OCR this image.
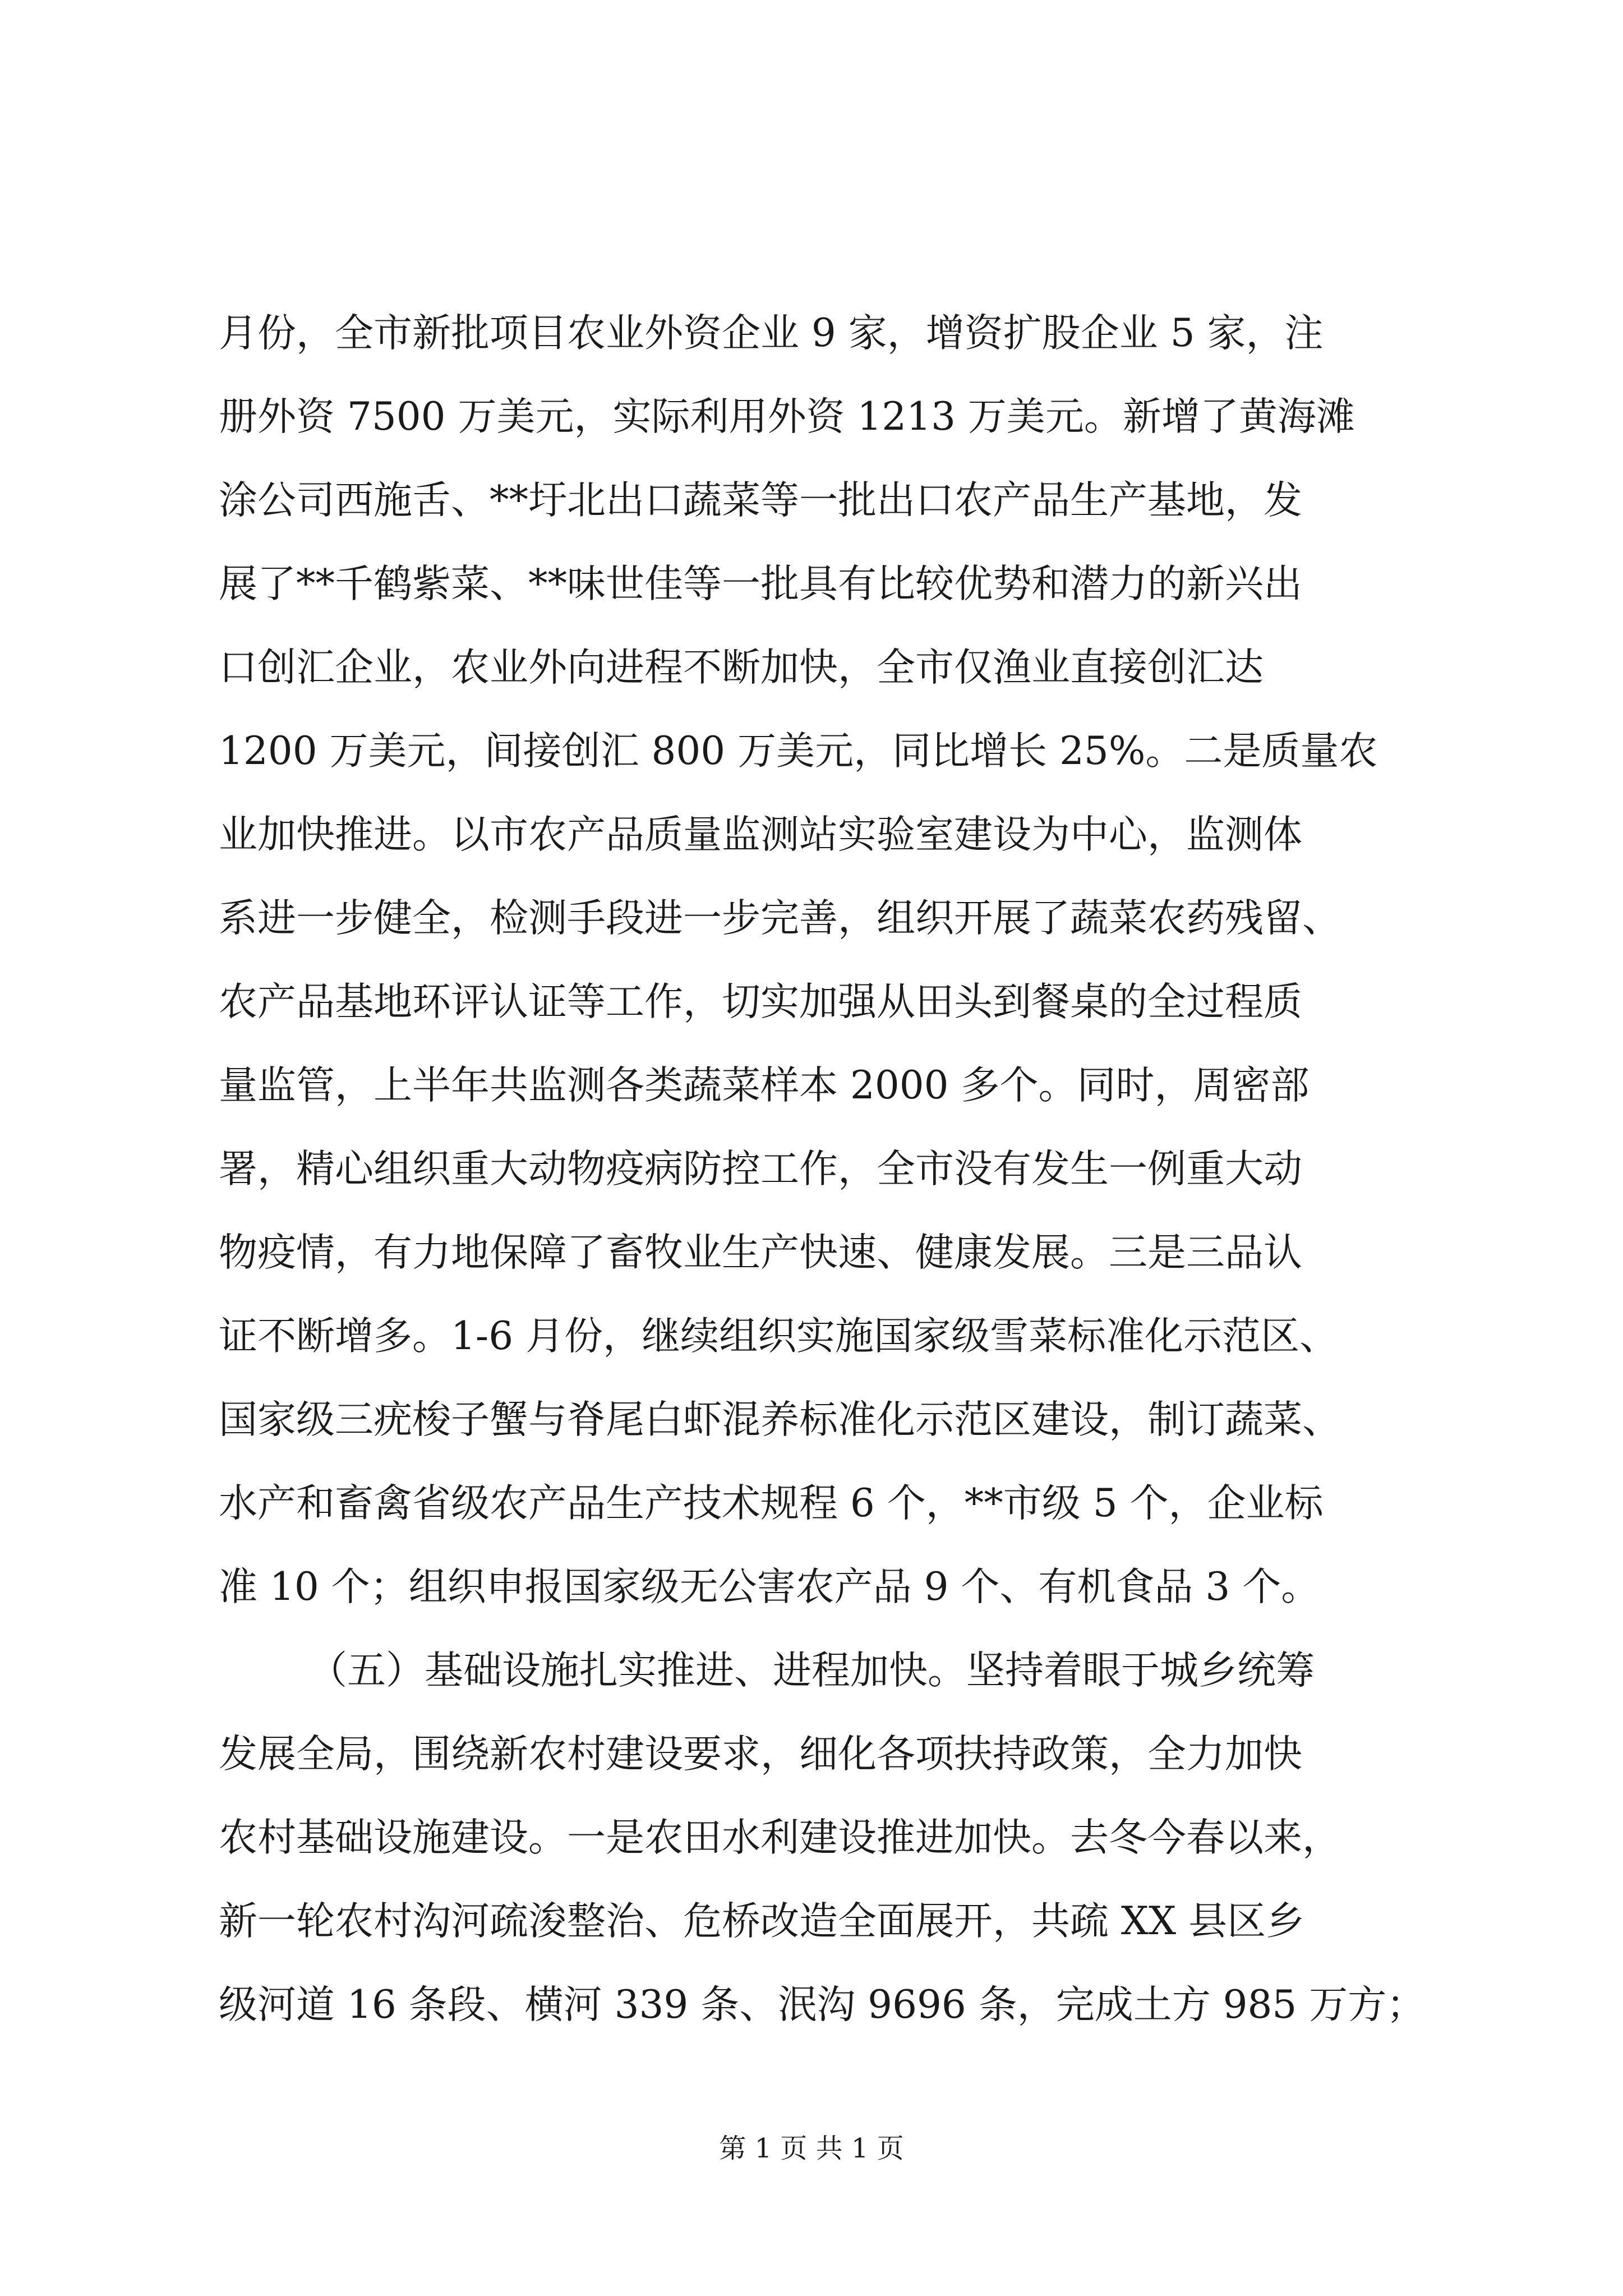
月份，全市新批项目农业外资企业 9 家，增资扩股企业 5 家，注
册外资 7500 万美元，实际利用外资 1213 万美元。新增了黄海滩
涂公司西施舌、**圩北出口蔬菜等一批出口农产品生产基地，发
展了**千鹤紫菜、**味世佳等一批具有比较优势和潜力的新兴出
口创汇企业，农业外向进程不断加快，全市仅渔业直接创汇达
1200 万美元，间接创汇 800 万美元，同比增长 25%。二是质量农
业加快推进。以市农产品质量监测站实验室建设为中心，监测体
系进一步健全，检测手段进一步完善，组织开展了蔬菜农药残留、
农产品基地环评认证等工作，切实加强从田头到餐桌的全过程质
量监管，上半年共监测各类蔬菜样本 2000 多个。同时，周密部
署，精心组织重大动物疫病防控工作，全市没有发生一例重大动
物疫情，有力地保障了畜牧业生产快速、健康发展。三是三品认
证不断增多。1-6 月份，继续组织实施国家级雪菜标准化示范区、
国家级三疣梭子蟹与脊尾白虾混养标准化示范区建设，制订蔬菜、
水产和畜禽省级农产品生产技术规程 6 个，**市级 5 个，企业标
准 10 个；组织申报国家级无公害农产品 9 个、有机食品 3 个。
（五）基础设施扎实推进、进程加快。坚持着眼于城乡统筹
发展全局，围绕新农村建设要求，细化各项扶持政策，全力加快
农村基础设施建设。一是农田水利建设推进加快。去冬今春以来，
新一轮农村沟河疏浚整治、危桥改造全面展开，共疏 XX 县区乡
级河道 16 条段、横河 339 条、泯沟 9696 条，完成土方 985 万方；
第 1 页 共 1 页
